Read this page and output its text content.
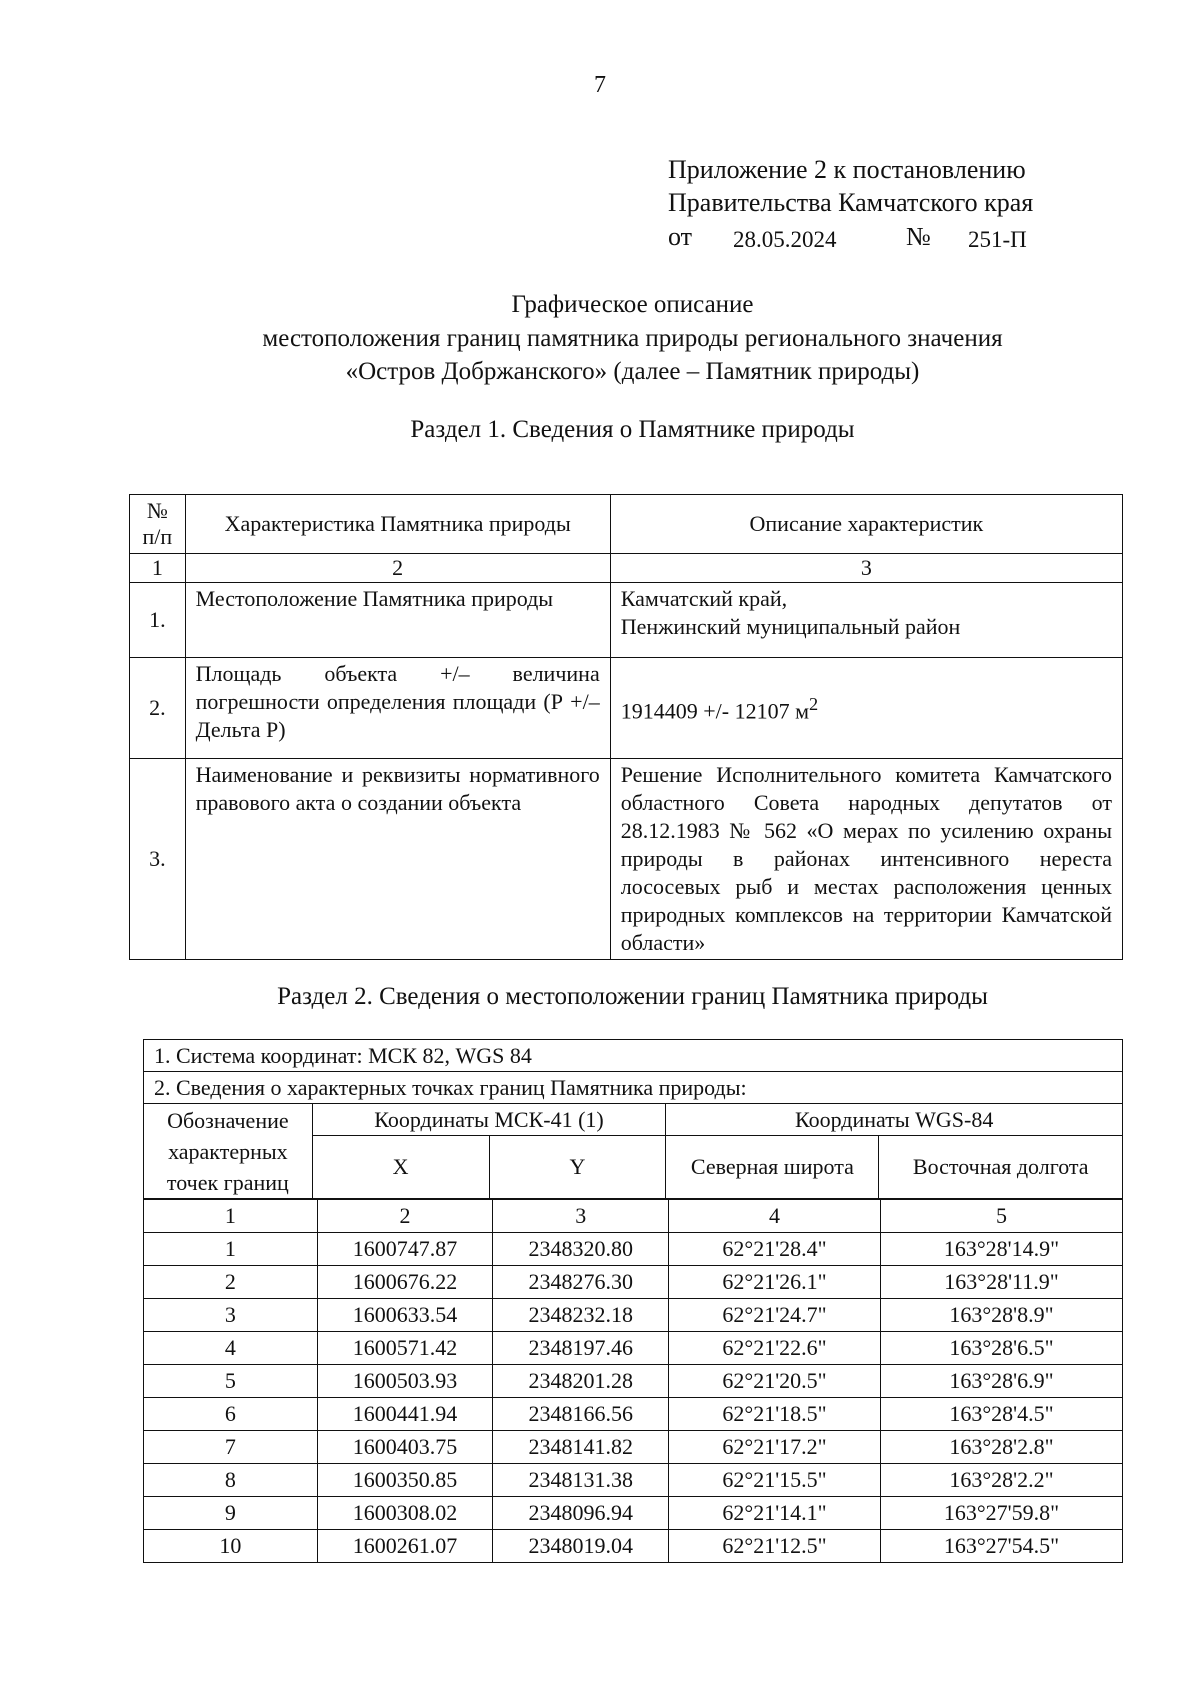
7
Приложение 2 к постановлению
Правительства Камчатского края
от 28.05.2024	№ 251-П
Графическое описание
местоположения границ памятника природы регионального значения
«Остров Добржанского» (далее – Памятник природы)
Раздел 1. Сведения о Памятнике природы
№
п/п	Характеристика Памятника природы	Описание характеристик
1	2	3
1.	Местоположение Памятника природы	Камчатский край,
Пенжинский муниципальный район

2.	Площадь объекта +/– величина погрешности определения площади (Р +/– Дельта Р)	1914409 +/- 12107 $м^2$
3.	Наименование и реквизиты нормативного правового акта о создании объекта	Решение Исполнительного комитета Камчатского областного Совета народных депутатов от 28.12.1983 № 562 «О мерах по усилению охраны природы в районах интенсивного нереста лососевых рыб и местах расположения ценных природных комплексов на территории Камчатской области»
Раздел 2. Сведения о местоположении границ Памятника природы
1. Система координат: МСК 82, WGS 84				
2. Сведения о характерных точках границ Памятника природы:				
Обозначение характерных точек границ	Координаты МСК-41 (1)		Координаты WGS-84	
	X	Y	Северная широта	Восточная долгота
1	2	3	4	5
1	1600747.87	2348320.80	62°21'28.4"	163°28'14.9"
2	1600676.22	2348276.30	62°21'26.1"	163°28'11.9"
3	1600633.54	2348232.18	62°21'24.7"	163°28'8.9"
4	1600571.42	2348197.46	62°21'22.6"	163°28'6.5"
5	1600503.93	2348201.28	62°21'20.5"	163°28'6.9"
6	1600441.94	2348166.56	62°21'18.5"	163°28'4.5"
7	1600403.75	2348141.82	62°21'17.2"	163°28'2.8"
8	1600350.85	2348131.38	62°21'15.5"	163°28'2.2"
9	1600308.02	2348096.94	62°21'14.1"	163°27'59.8"
10	1600261.07	2348019.04	62°21'12.5"	163°27'54.5"
